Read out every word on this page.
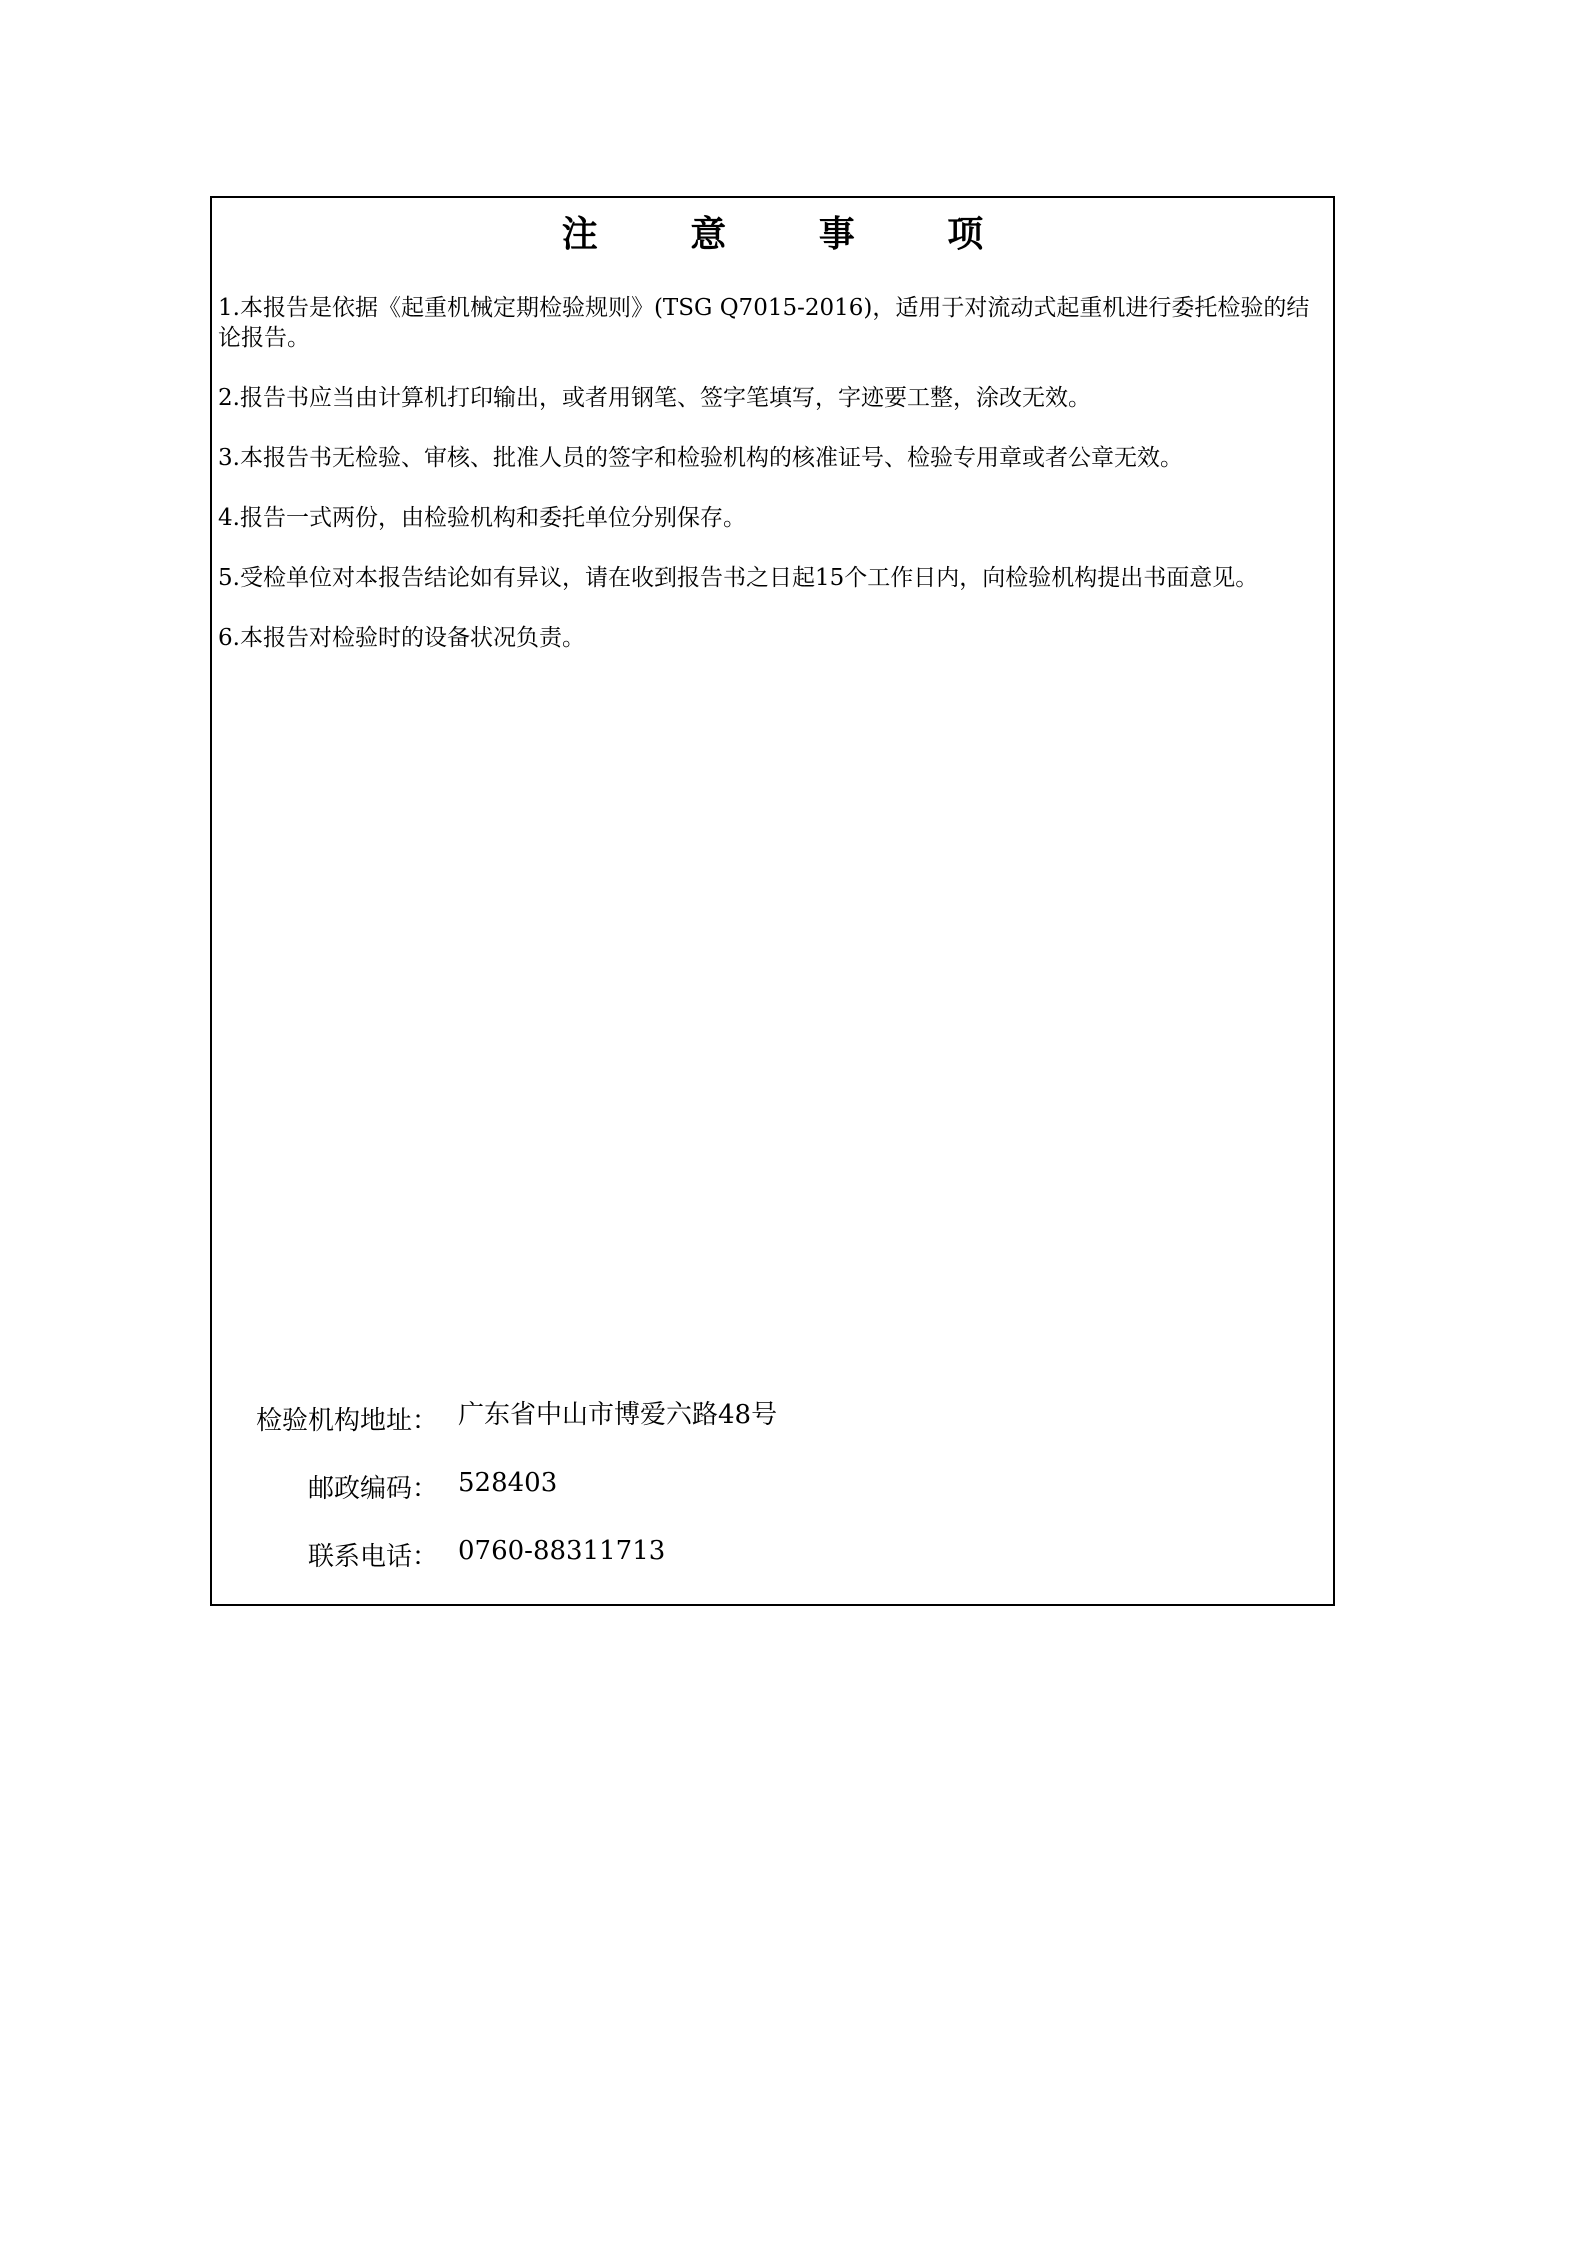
注 意 事 项

1.本报告是依据《起重机械定期检验规则》(TSG Q7015-2016)，适用于对流动式起重机进行委托检验的结论报告。

2.报告书应当由计算机打印输出，或者用钢笔、签字笔填写，字迹要工整，涂改无效。

3.本报告书无检验、审核、批准人员的签字和检验机构的核准证号、检验专用章或者公章无效。

4.报告一式两份，由检验机构和委托单位分别保存。

5.受检单位对本报告结论如有异议，请在收到报告书之日起15个工作日内，向检验机构提出书面意见。

6.本报告对检验时的设备状况负责。

检验机构地址： 广东省中山市博爱六路48号
邮政编码： 528403
联系电话： 0760-88311713
